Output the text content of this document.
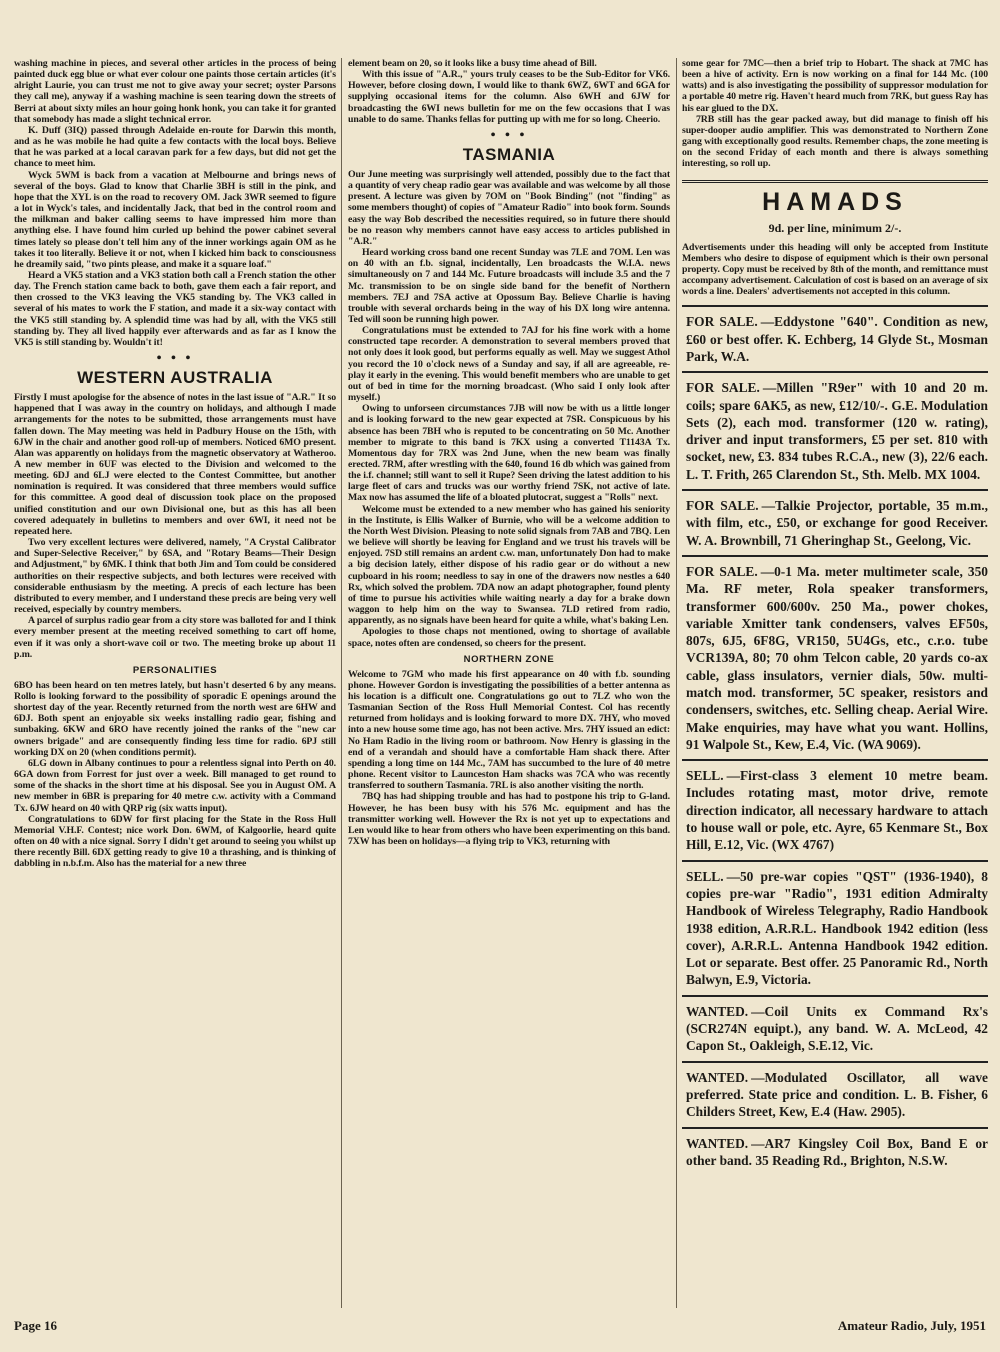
washing machine in pieces, and several other articles in the process of being painted duck egg blue or what ever colour one paints those certain articles (it's alright Laurie, you can trust me not to give away your secret; oyster Parsons they call me), anyway if a washing machine is seen tearing down the streets of Berri at about sixty miles an hour going honk honk, you can take it for granted that somebody has made a slight technical error.

K. Duff (3IQ) passed through Adelaide en-route for Darwin this month, and as he was mobile he had quite a few contacts with the local boys. Believe that he was parked at a local caravan park for a few days, but did not get the chance to meet him.

Wyck 5WM is back from a vacation at Melbourne and brings news of several of the boys. Glad to know that Charlie 3BH is still in the pink, and hope that the XYL is on the road to recovery OM. Jack 3WR seemed to figure a lot in Wyck's tales, and incidentally Jack, that bed in the control room and the milkman and baker calling seems to have impressed him more than anything else. I have found him curled up behind the power cabinet several times lately so please don't tell him any of the inner workings again OM as he takes it too literally. Believe it or not, when I kicked him back to consciousness he dreamily said, "two pints please, and make it a square loaf."

Heard a VK5 station and a VK3 station both call a French station the other day. The French station came back to both, gave them each a fair report, and then crossed to the VK3 leaving the VK5 standing by. The VK3 called in several of his mates to work the F station, and made it a six-way contact with the VK5 still standing by. A splendid time was had by all, with the VK5 still standing by. They all lived happily ever afterwards and as far as I know the VK5 is still standing by. Wouldn't it!

• • •
WESTERN AUSTRALIA

Firstly I must apologise for the absence of notes in the last issue of "A.R." It so happened that I was away in the country on holidays, and although I made arrangements for the notes to be submitted, those arrangements must have fallen down. The May meeting was held in Padbury House on the 15th, with 6JW in the chair and another good roll-up of members. Noticed 6MO present. Alan was apparently on holidays from the magnetic observatory at Watheroo. A new member in 6UF was elected to the Division and welcomed to the meeting. 6DJ and 6LJ were elected to the Contest Committee, but another nomination is required. It was considered that three members would suffice for this committee. A good deal of discussion took place on the proposed unified constitution and our own Divisional one, but as this has all been covered adequately in bulletins to members and over 6WI, it need not be repeated here.

Two very excellent lectures were delivered, namely, "A Crystal Calibrator and Super-Selective Receiver," by 6SA, and "Rotary Beams—Their Design and Adjustment," by 6MK. I think that both Jim and Tom could be considered authorities on their respective subjects, and both lectures were received with considerable enthusiasm by the meeting. A precis of each lecture has been distributed to every member, and I understand these precis are being very well received, especially by country members.

A parcel of surplus radio gear from a city store was balloted for and I think every member present at the meeting received something to cart off home, even if it was only a short-wave coil or two. The meeting broke up about 11 p.m.

PERSONALITIES

6BO has been heard on ten metres lately, but hasn't deserted 6 by any means. Rollo is looking forward to the possibility of sporadic E openings around the shortest day of the year. Recently returned from the north west are 6HW and 6DJ. Both spent an enjoyable six weeks installing radio gear, fishing and sunbaking. 6KW and 6RO have recently joined the ranks of the "new car owners brigade" and are consequently finding less time for radio. 6PJ still working DX on 20 (when conditions permit).

6LG down in Albany continues to pour a relentless signal into Perth on 40. 6GA down from Forrest for just over a week. Bill managed to get round to some of the shacks in the short time at his disposal. See you in August OM. A new member in 6BR is preparing for 40 metre c.w. activity with a Command Tx. 6JW heard on 40 with QRP rig (six watts input).

Congratulations to 6DW for first placing for the State in the Ross Hull Memorial V.H.F. Contest; nice work Don. 6WM, of Kalgoorlie, heard quite often on 40 with a nice signal. Sorry I didn't get around to seeing you whilst up there recently Bill. 6DX getting ready to give 10 a thrashing, and is thinking of dabbling in n.b.f.m. Also has the material for a new three

element beam on 20, so it looks like a busy time ahead of Bill.

With this issue of "A.R.," yours truly ceases to be the Sub-Editor for VK6. However, before closing down, I would like to thank 6WZ, 6WT and 6GA for supplying occasional items for the column. Also 6WH and 6JW for broadcasting the 6WI news bulletin for me on the few occasions that I was unable to do same. Thanks fellas for putting up with me for so long. Cheerio.

• • •
TASMANIA

Our June meeting was surprisingly well attended, possibly due to the fact that a quantity of very cheap radio gear was available and was welcome by all those present. A lecture was given by 7OM on "Book Binding" (not "finding" as some members thought) of copies of "Amateur Radio" into book form. Sounds easy the way Bob described the necessities required, so in future there should be no reason why members cannot have easy access to articles published in "A.R."

Heard working cross band one recent Sunday was 7LE and 7OM. Len was on 40 with an f.b. signal, incidentally, Len broadcasts the W.I.A. news simultaneously on 7 and 144 Mc. Future broadcasts will include 3.5 and the 7 Mc. transmission to be on single side band for the benefit of Northern members. 7EJ and 7SA active at Opossum Bay. Believe Charlie is having trouble with several orchards being in the way of his DX long wire antenna. Ted will soon be running high power.

Congratulations must be extended to 7AJ for his fine work with a home constructed tape recorder. A demonstration to several members proved that not only does it look good, but performs equally as well. May we suggest Athol you record the 10 o'clock news of a Sunday and say, if all are agreeable, re-play it early in the evening. This would benefit members who are unable to get out of bed in time for the morning broadcast. (Who said I only look after myself.)

Owing to unforseen circumstances 7JB will now be with us a little longer and is looking forward to the new gear expected at 7SR. Conspicuous by his absence has been 7BH who is reputed to be concentrating on 50 Mc. Another member to migrate to this band is 7KX using a converted T1143A Tx. Momentous day for 7RX was 2nd June, when the new beam was finally erected. 7RM, after wrestling with the 640, found 16 db which was gained from the i.f. channel; still want to sell it Rupe? Seen driving the latest addition to his large fleet of cars and trucks was our worthy friend 7SK, not active of late. Max now has assumed the life of a bloated plutocrat, suggest a "Rolls" next.

Welcome must be extended to a new member who has gained his seniority in the Institute, is Ellis Walker of Burnie, who will be a welcome addition to the North West Division. Pleasing to note solid signals from 7AB and 7BQ. Len we believe will shortly be leaving for England and we trust his travels will be enjoyed. 7SD still remains an ardent c.w. man, unfortunately Don had to make a big decision lately, either dispose of his radio gear or do without a new cupboard in his room; needless to say in one of the drawers now nestles a 640 Rx, which solved the problem. 7DA now an adapt photographer, found plenty of time to pursue his activities while waiting nearly a day for a brake down waggon to help him on the way to Swansea. 7LD retired from radio, apparently, as no signals have been heard for quite a while, what's baking Len.

Apologies to those chaps not mentioned, owing to shortage of available space, notes often are condensed, so cheers for the present.

NORTHERN ZONE

Welcome to 7GM who made his first appearance on 40 with f.b. sounding phone. However Gordon is investigating the possibilities of a better antenna as his location is a difficult one. Congratulations go out to 7LZ who won the Tasmanian Section of the Ross Hull Memorial Contest. Col has recently returned from holidays and is looking forward to more DX. 7HY, who moved into a new house some time ago, has not been active. Mrs. 7HY issued an edict: No Ham Radio in the living room or bathroom. Now Henry is glassing in the end of a verandah and should have a comfortable Ham shack there. After spending a long time on 144 Mc., 7AM has succumbed to the lure of 40 metre phone. Recent visitor to Launceston Ham shacks was 7CA who was recently transferred to southern Tasmania. 7RL is also another visiting the north.

7BQ has had shipping trouble and has had to postpone his trip to G-land. However, he has been busy with his 576 Mc. equipment and has the transmitter working well. However the Rx is not yet up to expectations and Len would like to hear from others who have been experimenting on this band. 7XW has been on holidays—a flying trip to VK3, returning with

some gear for 7MC—then a brief trip to Hobart. The shack at 7MC has been a hive of activity. Ern is now working on a final for 144 Mc. (100 watts) and is also investigating the possibility of suppressor modulation for a portable 40 metre rig. Haven't heard much from 7RK, but guess Ray has his ear glued to the DX.

7RB still has the gear packed away, but did manage to finish off his super-dooper audio amplifier. This was demonstrated to Northern Zone gang with exceptionally good results. Remember chaps, the zone meeting is on the second Friday of each month and there is always something interesting, so roll up.

HAMADS

9d. per line, minimum 2/-.

Advertisements under this heading will only be accepted from Institute Members who desire to dispose of equipment which is their own personal property. Copy must be received by 8th of the month, and remittance must accompany advertisement. Calculation of cost is based on an average of six words a line. Dealers' advertisements not accepted in this column.

FOR SALE. —Eddystone "640". Condition as new, £60 or best offer. K. Echberg, 14 Glyde St., Mosman Park, W.A.
FOR SALE. —Millen "R9er" with 10 and 20 m. coils; spare 6AK5, as new, £12/10/-. G.E. Modulation Sets (2), each mod. transformer (120 w. rating), driver and input transformers, £5 per set. 810 with socket, new, £3. 834 tubes R.C.A., new (3), 22/6 each. L. T. Frith, 265 Clarendon St., Sth. Melb. MX 1004.
FOR SALE. —Talkie Projector, portable, 35 m.m., with film, etc., £50, or exchange for good Receiver. W. A. Brownbill, 71 Gheringhap St., Geelong, Vic.
FOR SALE. —0-1 Ma. meter multimeter scale, 350 Ma. RF meter, Rola speaker transformers, transformer 600/600v. 250 Ma., power chokes, variable Xmitter tank condensers, valves EF50s, 807s, 6J5, 6F8G, VR150, 5U4Gs, etc., c.r.o. tube VCR139A, 80; 70 ohm Telcon cable, 20 yards co-ax cable, glass insulators, vernier dials, 50w. multi-match mod. transformer, 5C speaker, resistors and condensers, switches, etc. Selling cheap. Aerial Wire. Make enquiries, may have what you want. Hollins, 91 Walpole St., Kew, E.4, Vic. (WA 9069).
SELL. —First-class 3 element 10 metre beam. Includes rotating mast, motor drive, remote direction indicator, all necessary hardware to attach to house wall or pole, etc. Ayre, 65 Kenmare St., Box Hill, E.12, Vic. (WX 4767)
SELL. —50 pre-war copies "QST" (1936-1940), 8 copies pre-war "Radio", 1931 edition Admiralty Handbook of Wireless Telegraphy, Radio Handbook 1938 edition, A.R.R.L. Handbook 1942 edition (less cover), A.R.R.L. Antenna Handbook 1942 edition. Lot or separate. Best offer. 25 Panoramic Rd., North Balwyn, E.9, Victoria.
WANTED. —Coil Units ex Command Rx's (SCR274N equipt.), any band. W. A. McLeod, 42 Capon St., Oakleigh, S.E.12, Vic.
WANTED. —Modulated Oscillator, all wave preferred. State price and condition. L. B. Fisher, 6 Childers Street, Kew, E.4 (Haw. 2905).
WANTED. —AR7 Kingsley Coil Box, Band E or other band. 35 Reading Rd., Brighton, N.S.W.
Page 16	Amateur Radio, July, 1951
